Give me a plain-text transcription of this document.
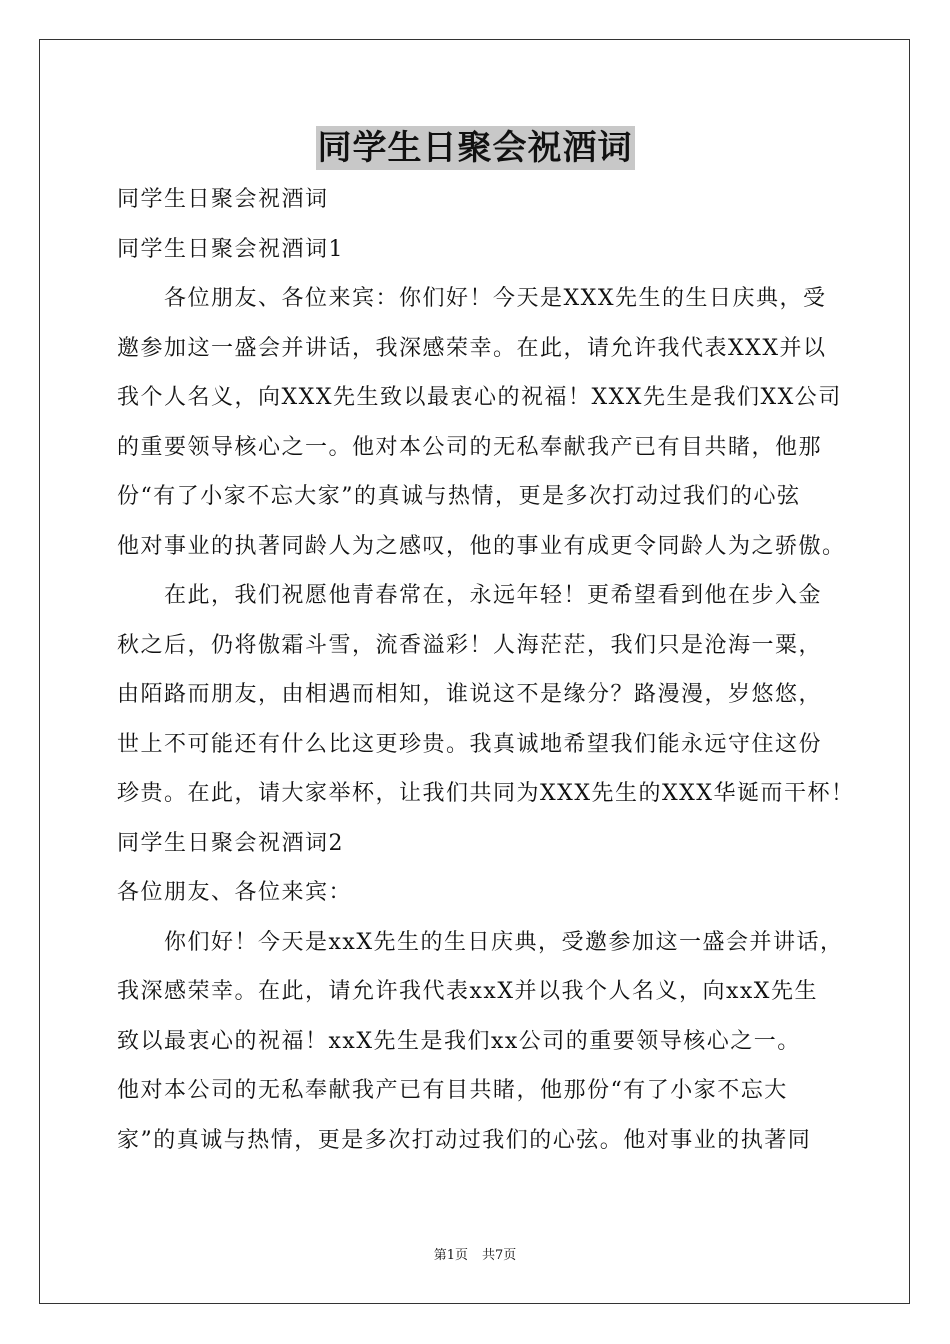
同学生日聚会祝酒词
同学生日聚会祝酒词
同学生日聚会祝酒词1
各位朋友、各位来宾：你们好！今天是XXX先生的生日庆典，受
邀参加这一盛会并讲话，我深感荣幸。在此，请允许我代表XXX并以
我个人名义，向XXX先生致以最衷心的祝福！XXX先生是我们XX公司
的重要领导核心之一。他对本公司的无私奉献我产已有目共睹，他那
份“有了小家不忘大家”的真诚与热情，更是多次打动过我们的心弦
他对事业的执著同龄人为之感叹，他的事业有成更令同龄人为之骄傲。
在此，我们祝愿他青春常在，永远年轻！更希望看到他在步入金
秋之后，仍将傲霜斗雪，流香溢彩！人海茫茫，我们只是沧海一粟，
由陌路而朋友，由相遇而相知，谁说这不是缘分？路漫漫，岁悠悠，
世上不可能还有什么比这更珍贵。我真诚地希望我们能永远守住这份
珍贵。在此，请大家举杯，让我们共同为XXX先生的XXX华诞而干杯！
同学生日聚会祝酒词2
各位朋友、各位来宾：
你们好！今天是xxX先生的生日庆典，受邀参加这一盛会并讲话，
我深感荣幸。在此，请允许我代表xxX并以我个人名义，向xxX先生
致以最衷心的祝福！xxX先生是我们xx公司的重要领导核心之一。
他对本公司的无私奉献我产已有目共睹，他那份“有了小家不忘大
家”的真诚与热情，更是多次打动过我们的心弦。他对事业的执著同
第1页 共7页
